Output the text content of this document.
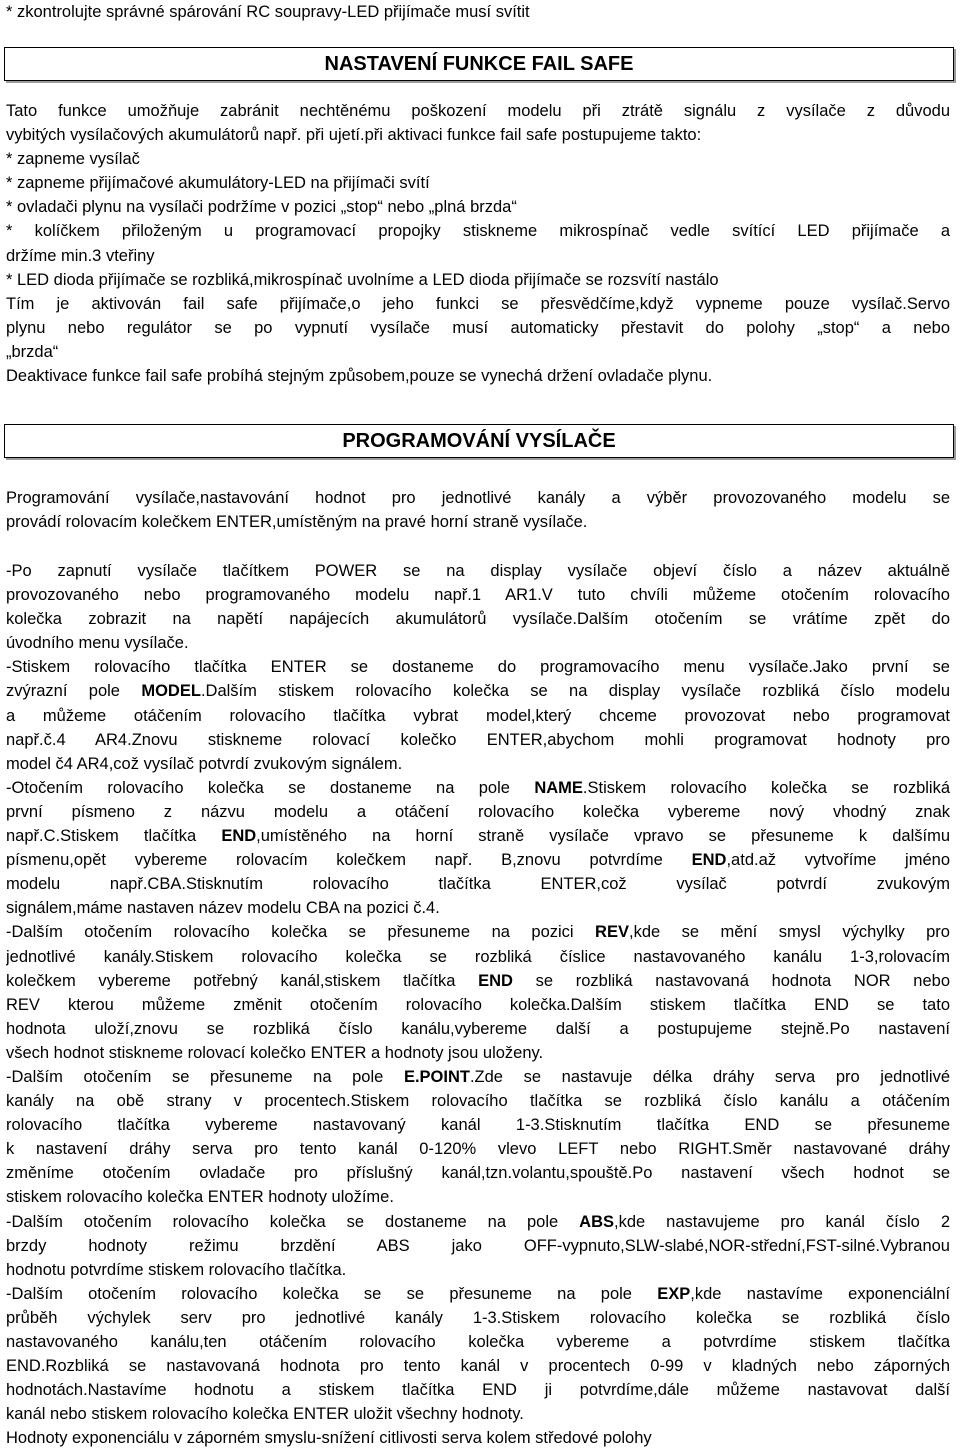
* zkontrolujte správné spárování RC soupravy-LED přijímače musí svítit
NASTAVENÍ FUNKCE FAIL SAFE
Tato funkce umožňuje zabránit nechtěnému poškození modelu při ztrátě signálu z vysílače z důvodu
vybitých vysílačových akumulátorů např. při ujetí.při aktivaci funkce fail safe postupujeme takto:
* zapneme vysílač
* zapneme přijímačové akumulátory-LED na přijímači svítí
* ovladači plynu na vysílači podržíme v pozici „stop“ nebo „plná brzda“
* kolíčkem přiloženým u programovací propojky stiskneme mikrospínač vedle svítící LED přijímače a
držíme min.3 vteřiny
* LED dioda přijímače se rozbliká,mikrospínač uvolníme a LED dioda přijímače se rozsvítí nastálo
Tím je aktivován fail safe přijímače,o jeho funkci se přesvědčíme,když vypneme pouze vysílač.Servo
plynu nebo regulátor se po vypnutí vysílače musí automaticky přestavit do polohy „stop“ a nebo
„brzda“
Deaktivace funkce fail safe probíhá stejným způsobem,pouze se vynechá držení ovladače plynu.
PROGRAMOVÁNÍ VYSÍLAČE
Programování vysílače,nastavování hodnot pro jednotlivé kanály a výběr provozovaného modelu se
provádí rolovacím kolečkem ENTER,umístěným na pravé horní straně vysílače.
-Po zapnutí vysílače tlačítkem POWER se na display vysílače objeví číslo a název aktuálně
provozovaného nebo programovaného modelu např.1 AR1.V tuto chvíli můžeme otočením rolovacího
kolečka zobrazit na napětí napájecích akumulátorů vysílače.Dalším otočením se vrátíme zpět do
úvodního menu vysílače.
-Stiskem rolovacího tlačítka ENTER se dostaneme do programovacího menu vysílače.Jako první se
zvýrazní pole MODEL.Dalším stiskem rolovacího kolečka se na display vysílače rozbliká číslo modelu
a můžeme otáčením rolovacího tlačítka vybrat model,který chceme provozovat nebo programovat
např.č.4 AR4.Znovu stiskneme rolovací kolečko ENTER,abychom mohli programovat hodnoty pro
model č4 AR4,což vysílač potvrdí zvukovým signálem.
-Otočením rolovacího kolečka se dostaneme na pole NAME.Stiskem rolovacího kolečka se rozbliká
první písmeno z názvu modelu a otáčení rolovacího kolečka vybereme nový vhodný znak
např.C.Stiskem tlačítka END,umístěného na horní straně vysílače vpravo se přesuneme k dalšímu
písmenu,opět vybereme rolovacím kolečkem např. B,znovu potvrdíme END,atd.až vytvoříme jméno
modelu např.CBA.Stisknutím rolovacího tlačítka ENTER,což vysílač potvrdí zvukovým
signálem,máme nastaven název modelu CBA na pozici č.4.
-Dalším otočením rolovacího kolečka se přesuneme na pozici REV,kde se mění smysl výchylky pro
jednotlivé kanály.Stiskem rolovacího kolečka se rozbliká číslice nastavovaného kanálu 1-3,rolovacím
kolečkem vybereme potřebný kanál,stiskem tlačítka END se rozbliká nastavovaná hodnota NOR nebo
REV kterou můžeme změnit otočením rolovacího kolečka.Dalším stiskem tlačítka END se tato
hodnota uloží,znovu se rozbliká číslo kanálu,vybereme další a postupujeme stejně.Po nastavení
všech hodnot stiskneme rolovací kolečko ENTER a hodnoty jsou uloženy.
-Dalším otočením se přesuneme na pole E.POINT.Zde se nastavuje délka dráhy serva pro jednotlivé
kanály na obě strany v procentech.Stiskem rolovacího tlačítka se rozbliká číslo kanálu a otáčením
rolovacího tlačítka vybereme nastavovaný kanál 1-3.Stisknutím tlačítka END se přesuneme
k nastavení dráhy serva pro tento kanál 0-120% vlevo LEFT nebo RIGHT.Směr nastavované dráhy
změníme otočením ovladače pro příslušný kanál,tzn.volantu,spouště.Po nastavení všech hodnot se
stiskem rolovacího kolečka ENTER hodnoty uložíme.
-Dalším otočením rolovacího kolečka se dostaneme na pole ABS,kde nastavujeme pro kanál číslo 2
brzdy hodnoty režimu brzdění ABS jako OFF-vypnuto,SLW-slabé,NOR-střední,FST-silné.Vybranou
hodnotu potvrdíme stiskem rolovacího tlačítka.
-Dalším otočením rolovacího kolečka se se přesuneme na pole EXP,kde nastavíme exponenciální
průběh výchylek serv pro jednotlivé kanály 1-3.Stiskem rolovacího kolečka se rozbliká číslo
nastavovaného kanálu,ten otáčením rolovacího kolečka vybereme a potvrdíme stiskem tlačítka
END.Rozbliká se nastavovaná hodnota pro tento kanál v procentech 0-99 v kladných nebo záporných
hodnotách.Nastavíme hodnotu a stiskem tlačítka END ji potvrdíme,dále můžeme nastavovat další
kanál nebo stiskem rolovacího kolečka ENTER uložit všechny hodnoty.
Hodnoty exponenciálu v záporném smyslu-snížení citlivosti serva kolem středové polohy
